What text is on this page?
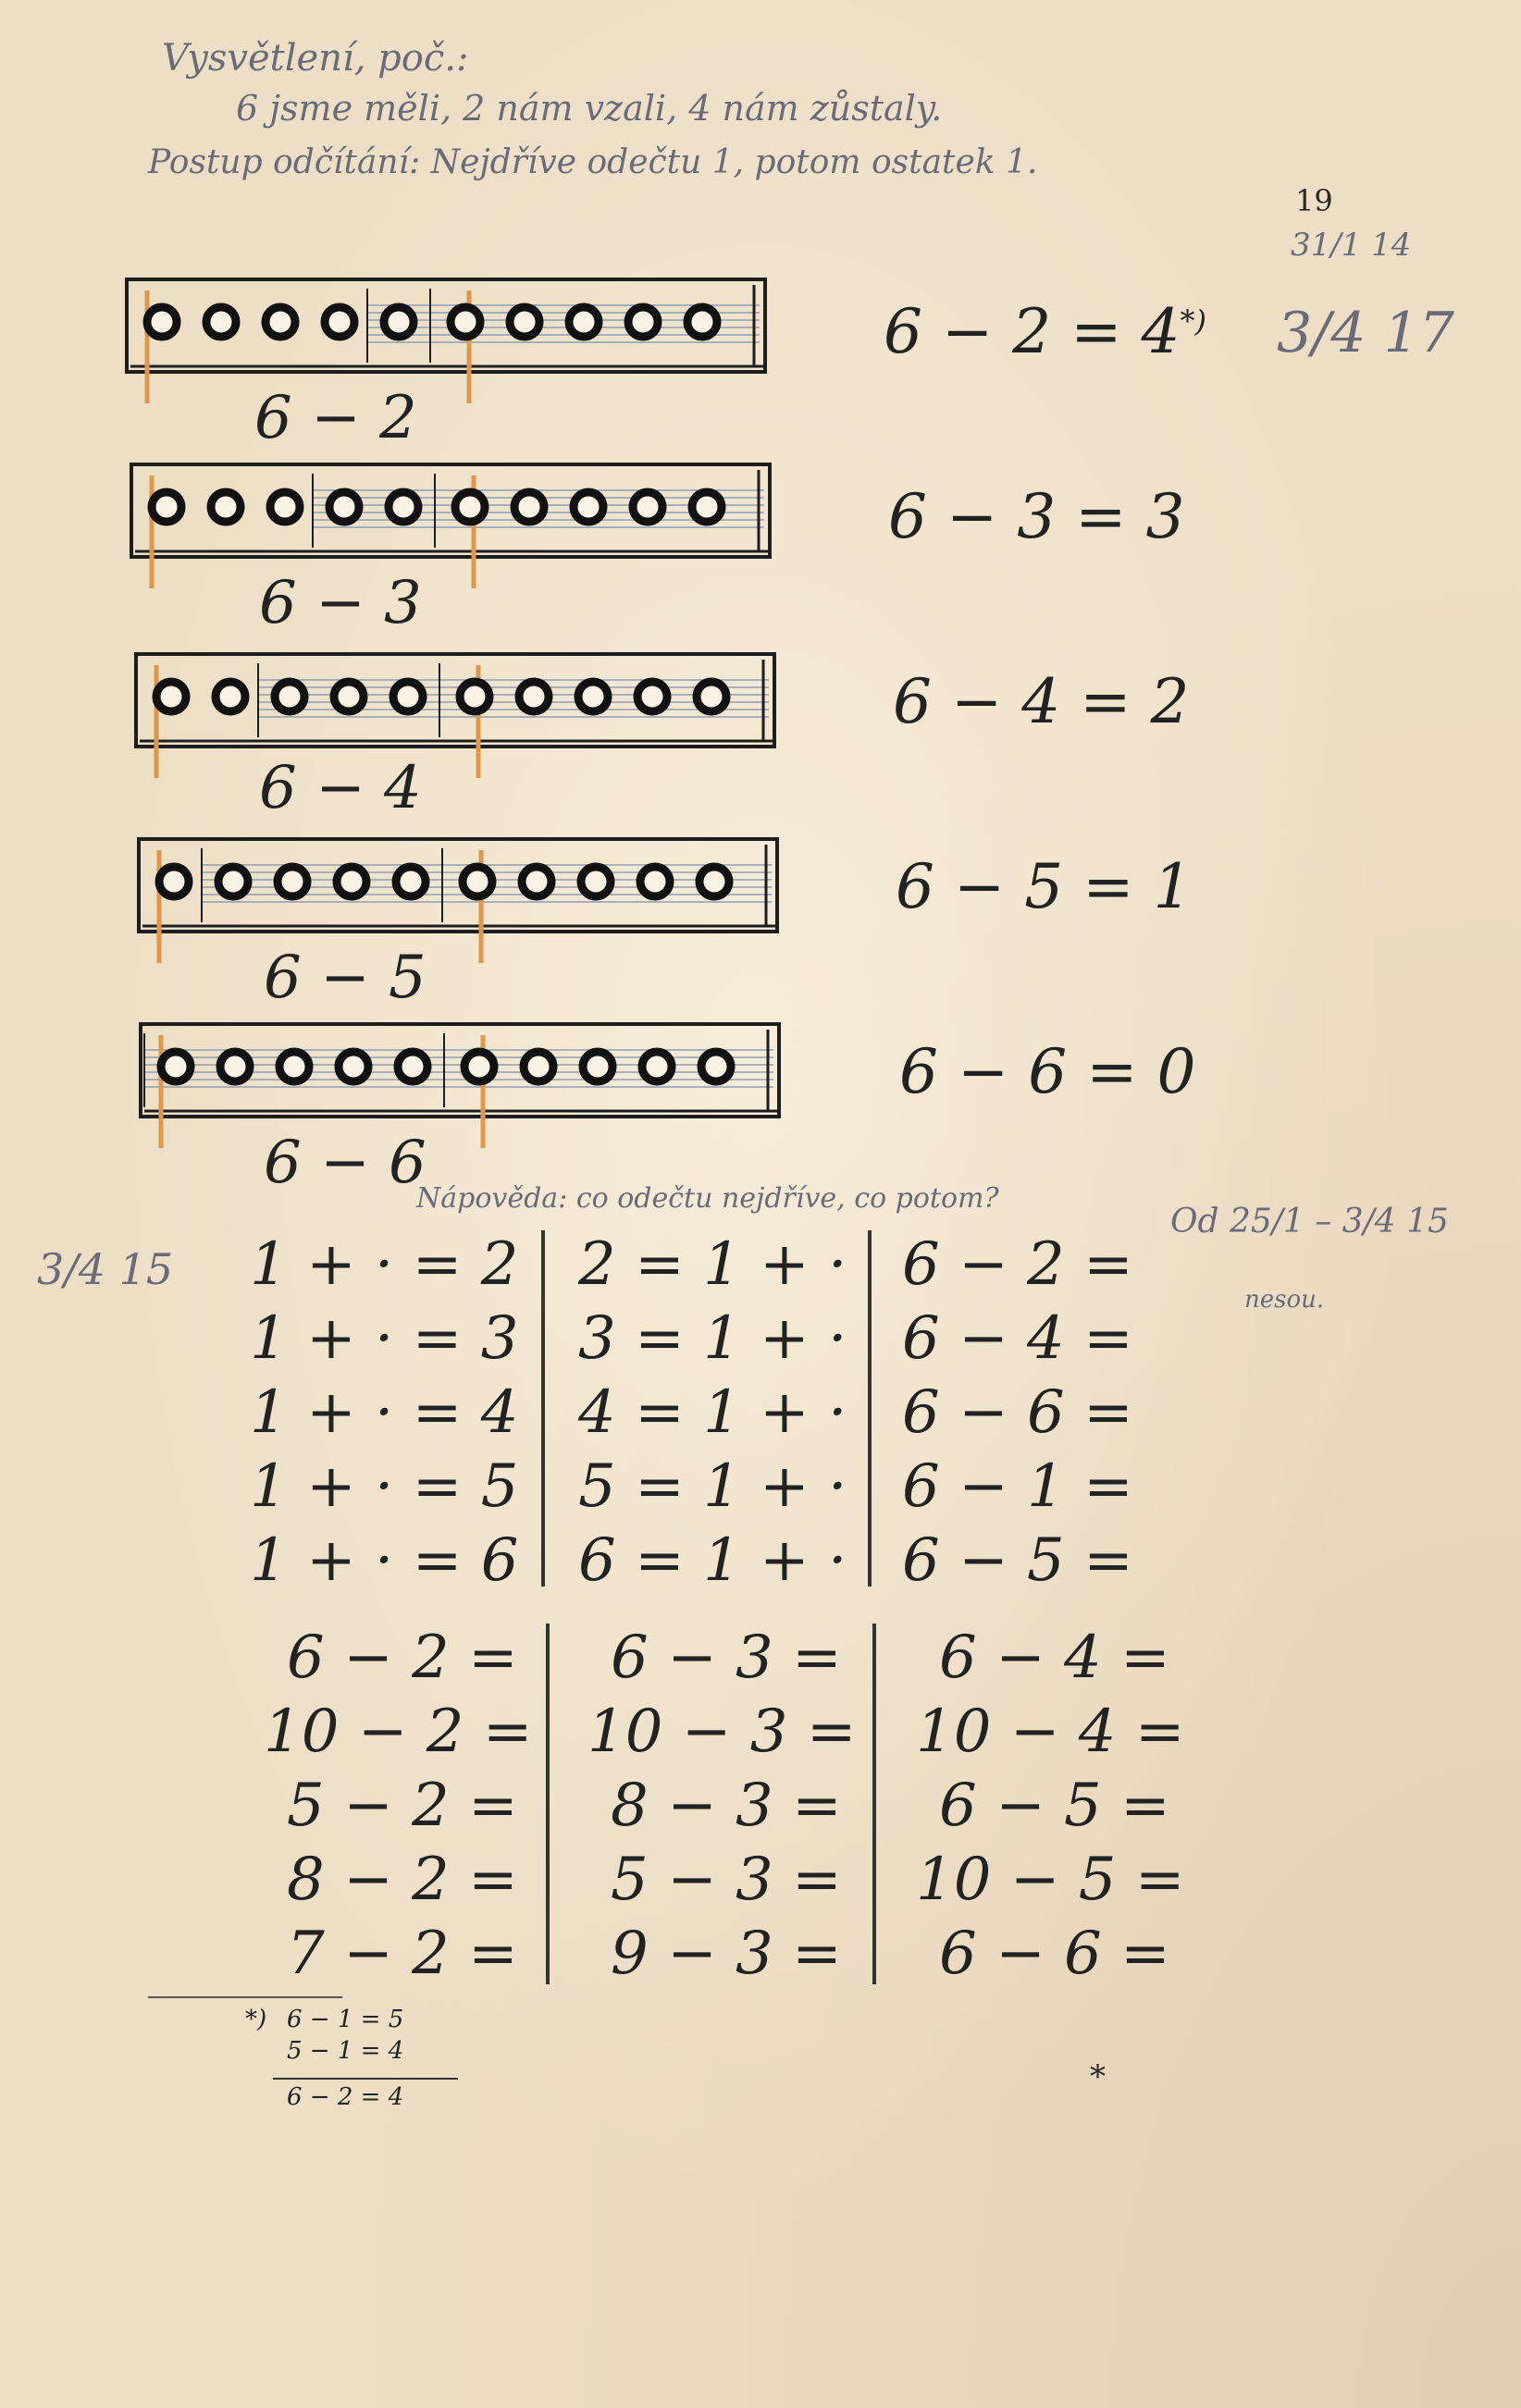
19
Vysvětlení, poč.:
6 jsme měli, 2 nám vzali, 4 nám zůstaly.
Postup odčítání: Nejdříve odečtu 1, potom ostatek 1.
31/1 14
3/4 17
6 − 2
6 − 2 = 4*)
6 − 3
6 − 3 = 3
6 − 4
6 − 4 = 2
6 − 5
6 − 5 = 1
6 − 6
6 − 6 = 0
Nápověda: co odečtu nejdříve, co potom?
Od 25/1 – 3/4 15
nesou.
3/4 15 1 + · = 2
1 + · = 3
1 + · = 4
1 + · = 5
1 + · = 6
2 = 1 + ·
3 = 1 + ·
4 = 1 + ·
5 = 1 + ·
6 = 1 + ·
6 − 2 =
6 − 4 =
6 − 6 =
6 − 1 =
6 − 5 =
6 − 2 =
10 − 2 =
5 − 2 =
8 − 2 =
7 − 2 =
6 − 3 =
10 − 3 =
8 − 3 =
5 − 3 =
9 − 3 =
6 − 4 =
10 − 4 =
6 − 5 =
10 − 5 =
6 − 6 =
*) 6 − 1 = 5
5 − 1 = 4
6 − 2 = 4
*
